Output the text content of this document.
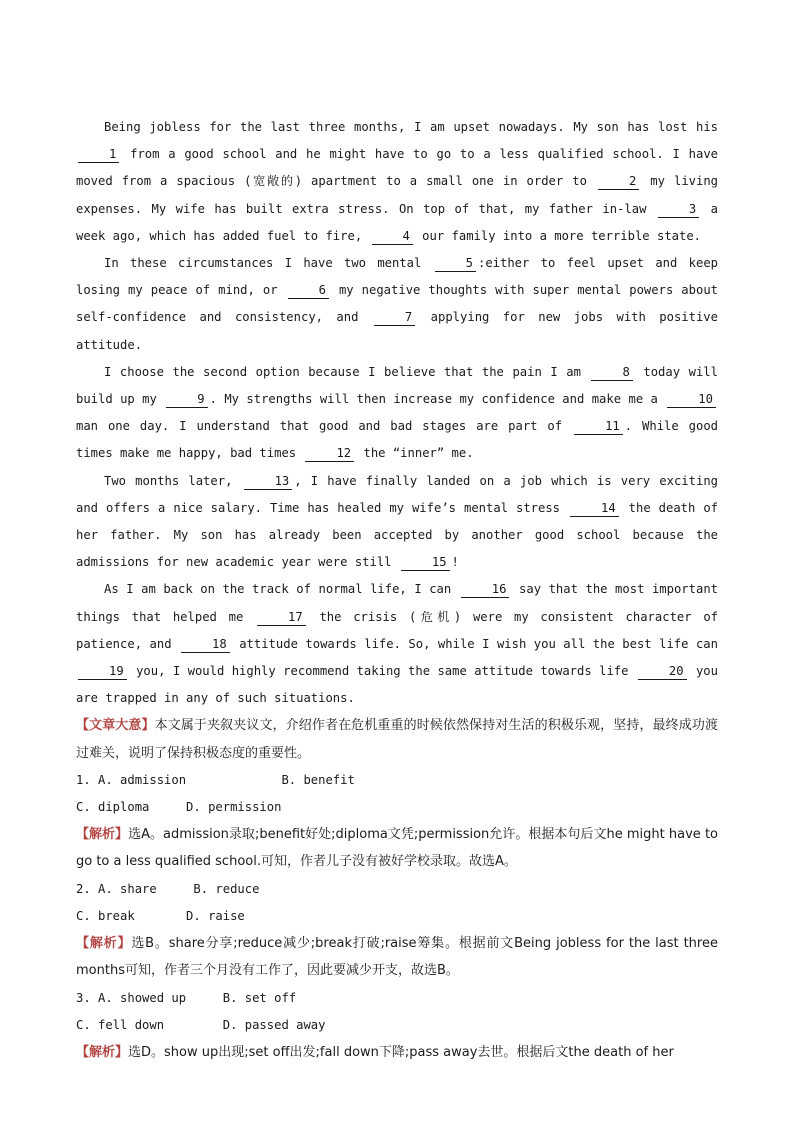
Being jobless for the last three months, I am upset nowadays. My son has lost his 1 from a good school and he might have to go to a less qualified school. I have moved from a spacious (宽敞的) apartment to a small one in order to	2 my living expenses. My wife has built extra stress. On top of that, my father in-law	3 a week ago, which has added fuel to fire,	4 our family into a more terrible state.

In these circumstances I have two mental	5 :either to feel upset and keep losing my peace of mind, or	6 my negative thoughts with super mental powers about self-confidence and consistency, and	7 applying for new jobs with positive attitude.

I choose the second option because I believe that the pain I am	8 today will build up my	9 . My strengths will then increase my confidence and make me a	10 man one day. I understand that good and bad stages are part of	11 . While good times make me happy, bad times	12 the “inner” me.

Two months later,	13 , I have finally landed on a job which is very exciting and offers a nice salary. Time has healed my wife’s mental stress	14 the death of her father. My son has already been accepted by another good school because the admissions for new academic year were still	15 !

As I am back on the track of normal life, I can	16 say that the most important things that helped me	17 the crisis (危机) were my consistent character of patience, and	18 attitude towards life. So, while I wish you all the best life can 19 you, I would highly recommend taking the same attitude towards life	20 you are trapped in any of such situations.

【文章大意】本文属于夹叙夹议文，介绍作者在危机重重的时候依然保持对生活的积极乐观，坚持，最终成功渡过难关，说明了保持积极态度的重要性。

1. A. admission             B. benefit

C. diploma     D. permission

【解析】选A。admission录取;benefit好处;diploma文凭;permission允许。根据本句后文he might have to go to a less qualified school.可知，作者儿子没有被好学校录取。故选A。

2. A. share     B. reduce

C. break       D. raise

【解析】选B。share分享;reduce减少;break打破;raise筹集。根据前文Being jobless for the last three months可知，作者三个月没有工作了，因此要减少开支，故选B。

3. A. showed up     B. set off

C. fell down        D. passed away

【解析】选D。show up出现;set off出发;fall down下降;pass away去世。根据后文the death of her
